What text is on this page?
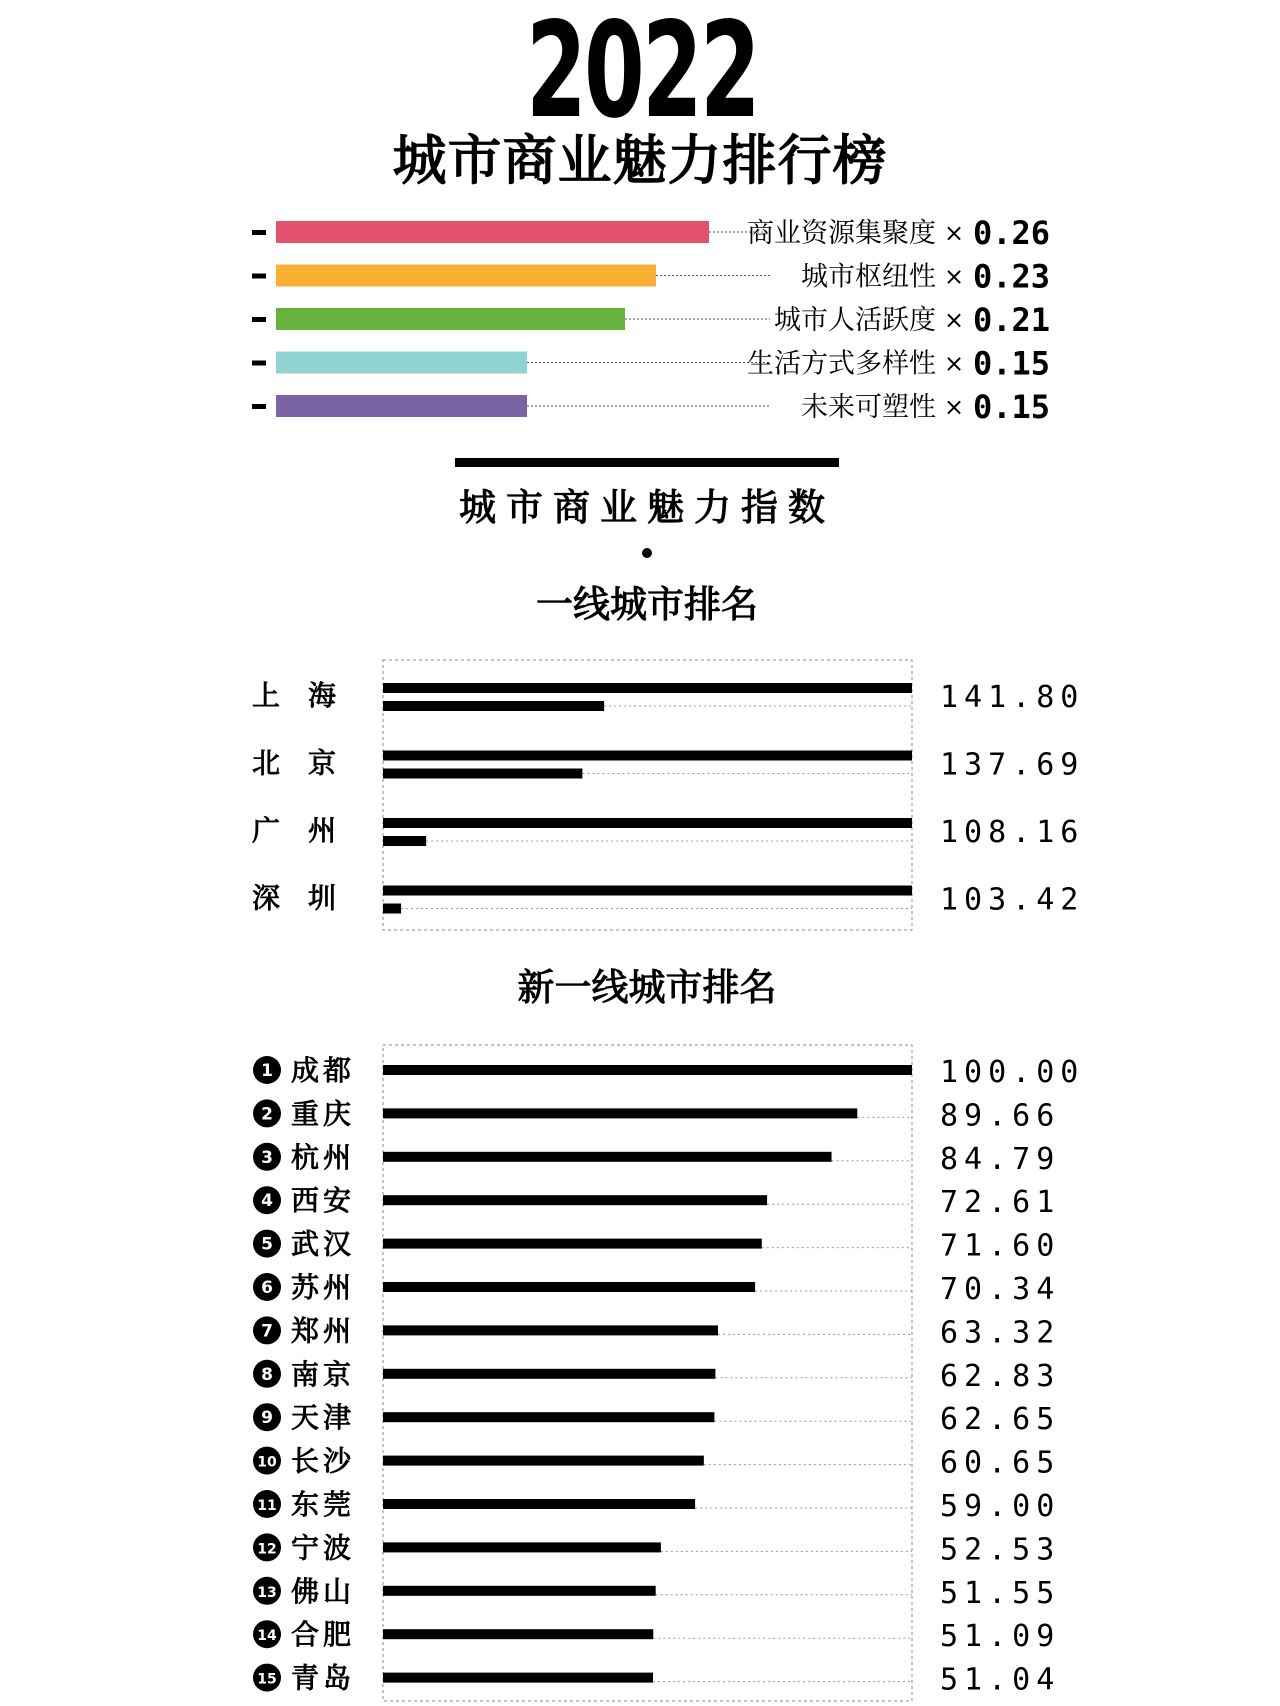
2022
城市商业魅力排行榜
商业资源集聚度 × 0.26
城市枢纽性 × 0.23
城市人活跃度 × 0.21
生活方式多样性 × 0.15
未来可塑性 × 0.15
城市商业魅力指数
一线城市排名
新一线城市排名
上　海	141.80
北　京	137.69
广　州	108.16
深　圳	103.42
1 成都	100.00
2 重庆	89.66
3 杭州	84.79
4 西安	72.61
5 武汉	71.60
6 苏州	70.34
7 郑州	63.32
8 南京	62.83
9 天津	62.65
10 长沙	60.65
11 东莞	59.00
12 宁波	52.53
13 佛山	51.55
14 合肥	51.09
15 青岛	51.04
